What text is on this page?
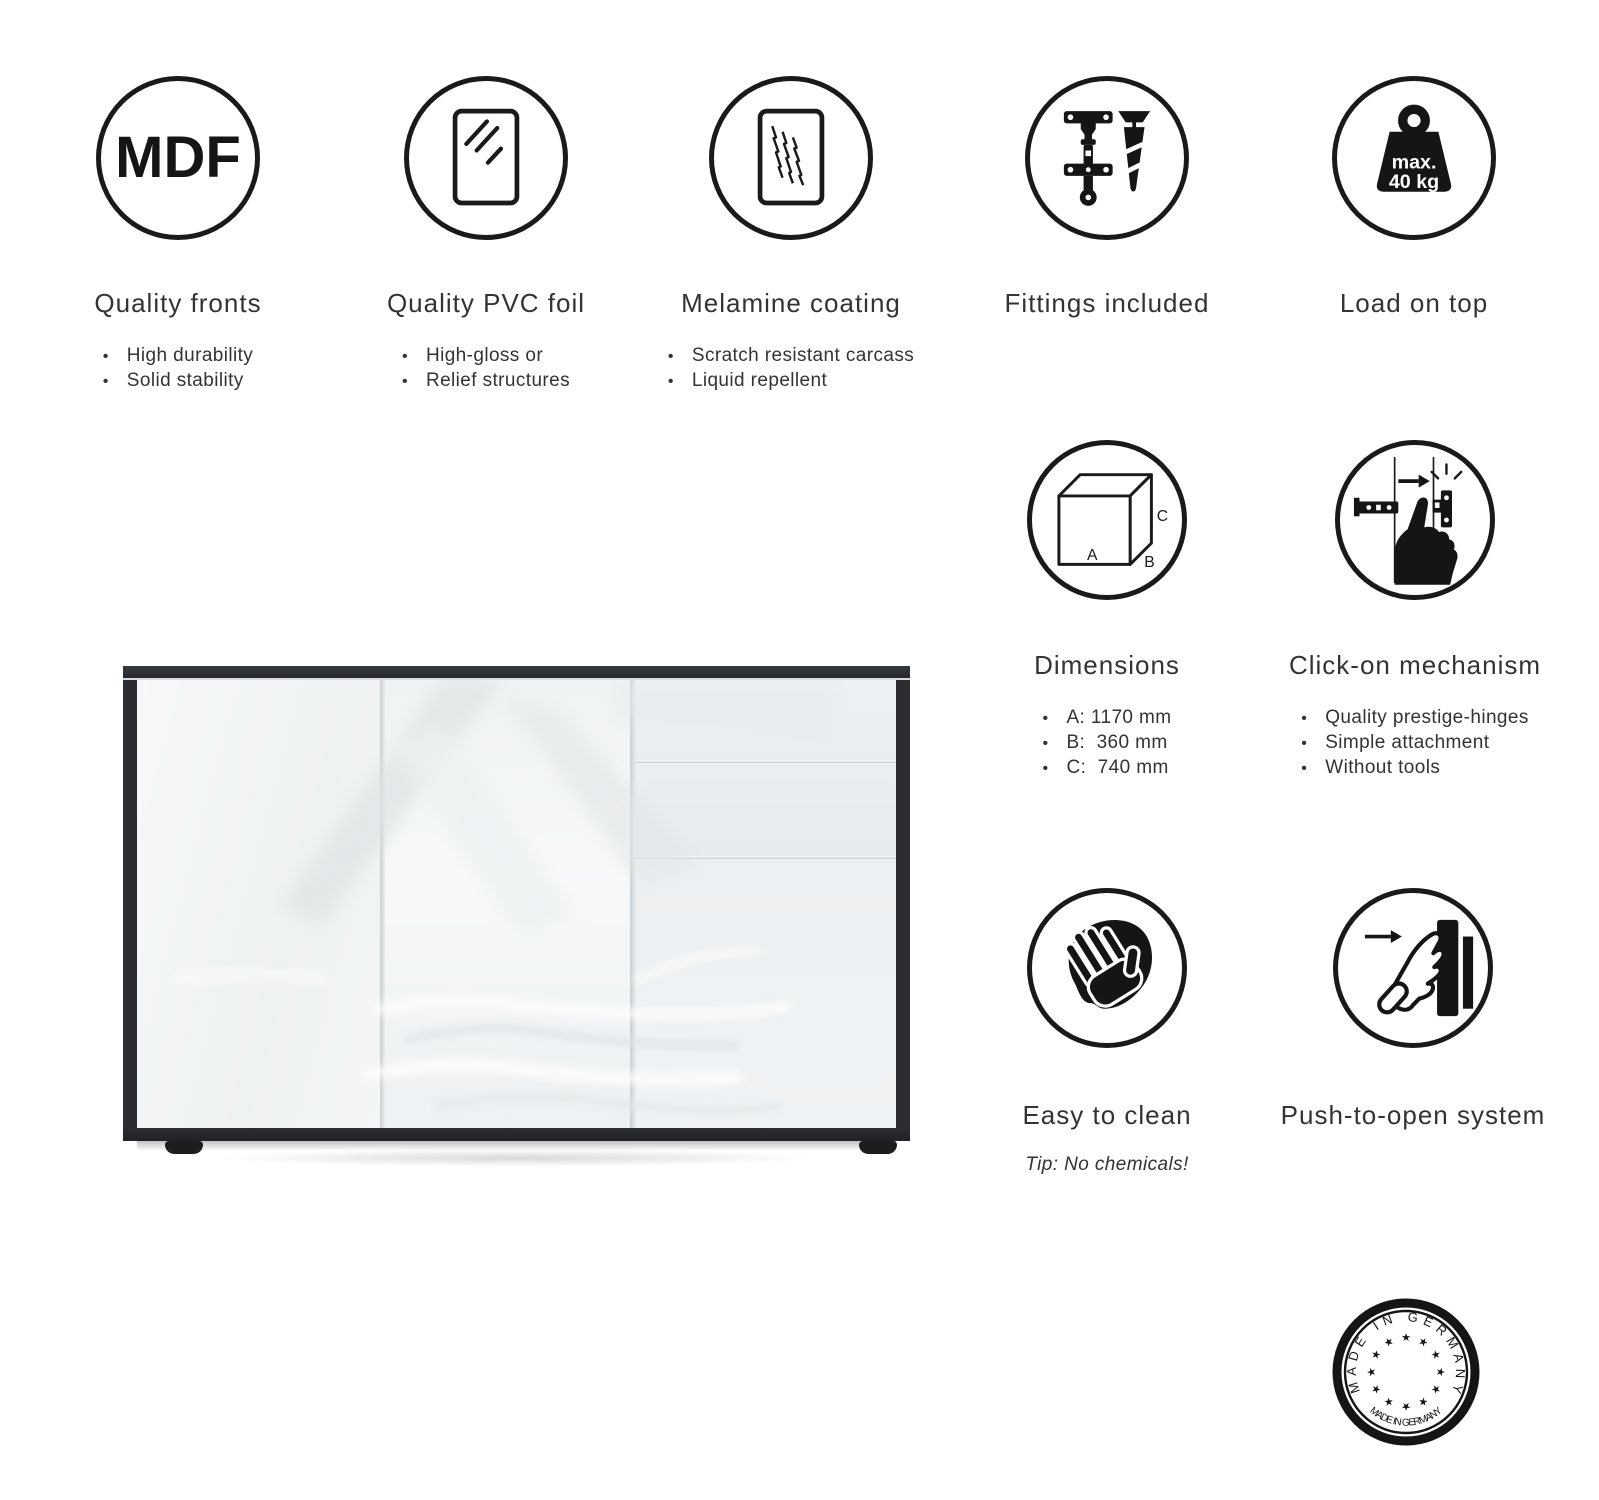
MDF
Quality fronts
• High durability
• Solid stability
Quality PVC foil
• High-gloss or
• Relief structures
Melamine coating
• Scratch resistant carcass
• Liquid repellent
Fittings included
max.
40 kg
Load on top
A	B
C
Dimensions
• A: 1170 mm
• B:  360 mm
• C:  740 mm
Click-on mechanism
• Quality prestige-hinges
• Simple attachment
• Without tools
Easy to clean
Tip: No chemicals!
Push-to-open system
MADE IN GERMANY
MADE IN GERMANY
★ ★
★
★
★
★
★
★
★
★
★
★
